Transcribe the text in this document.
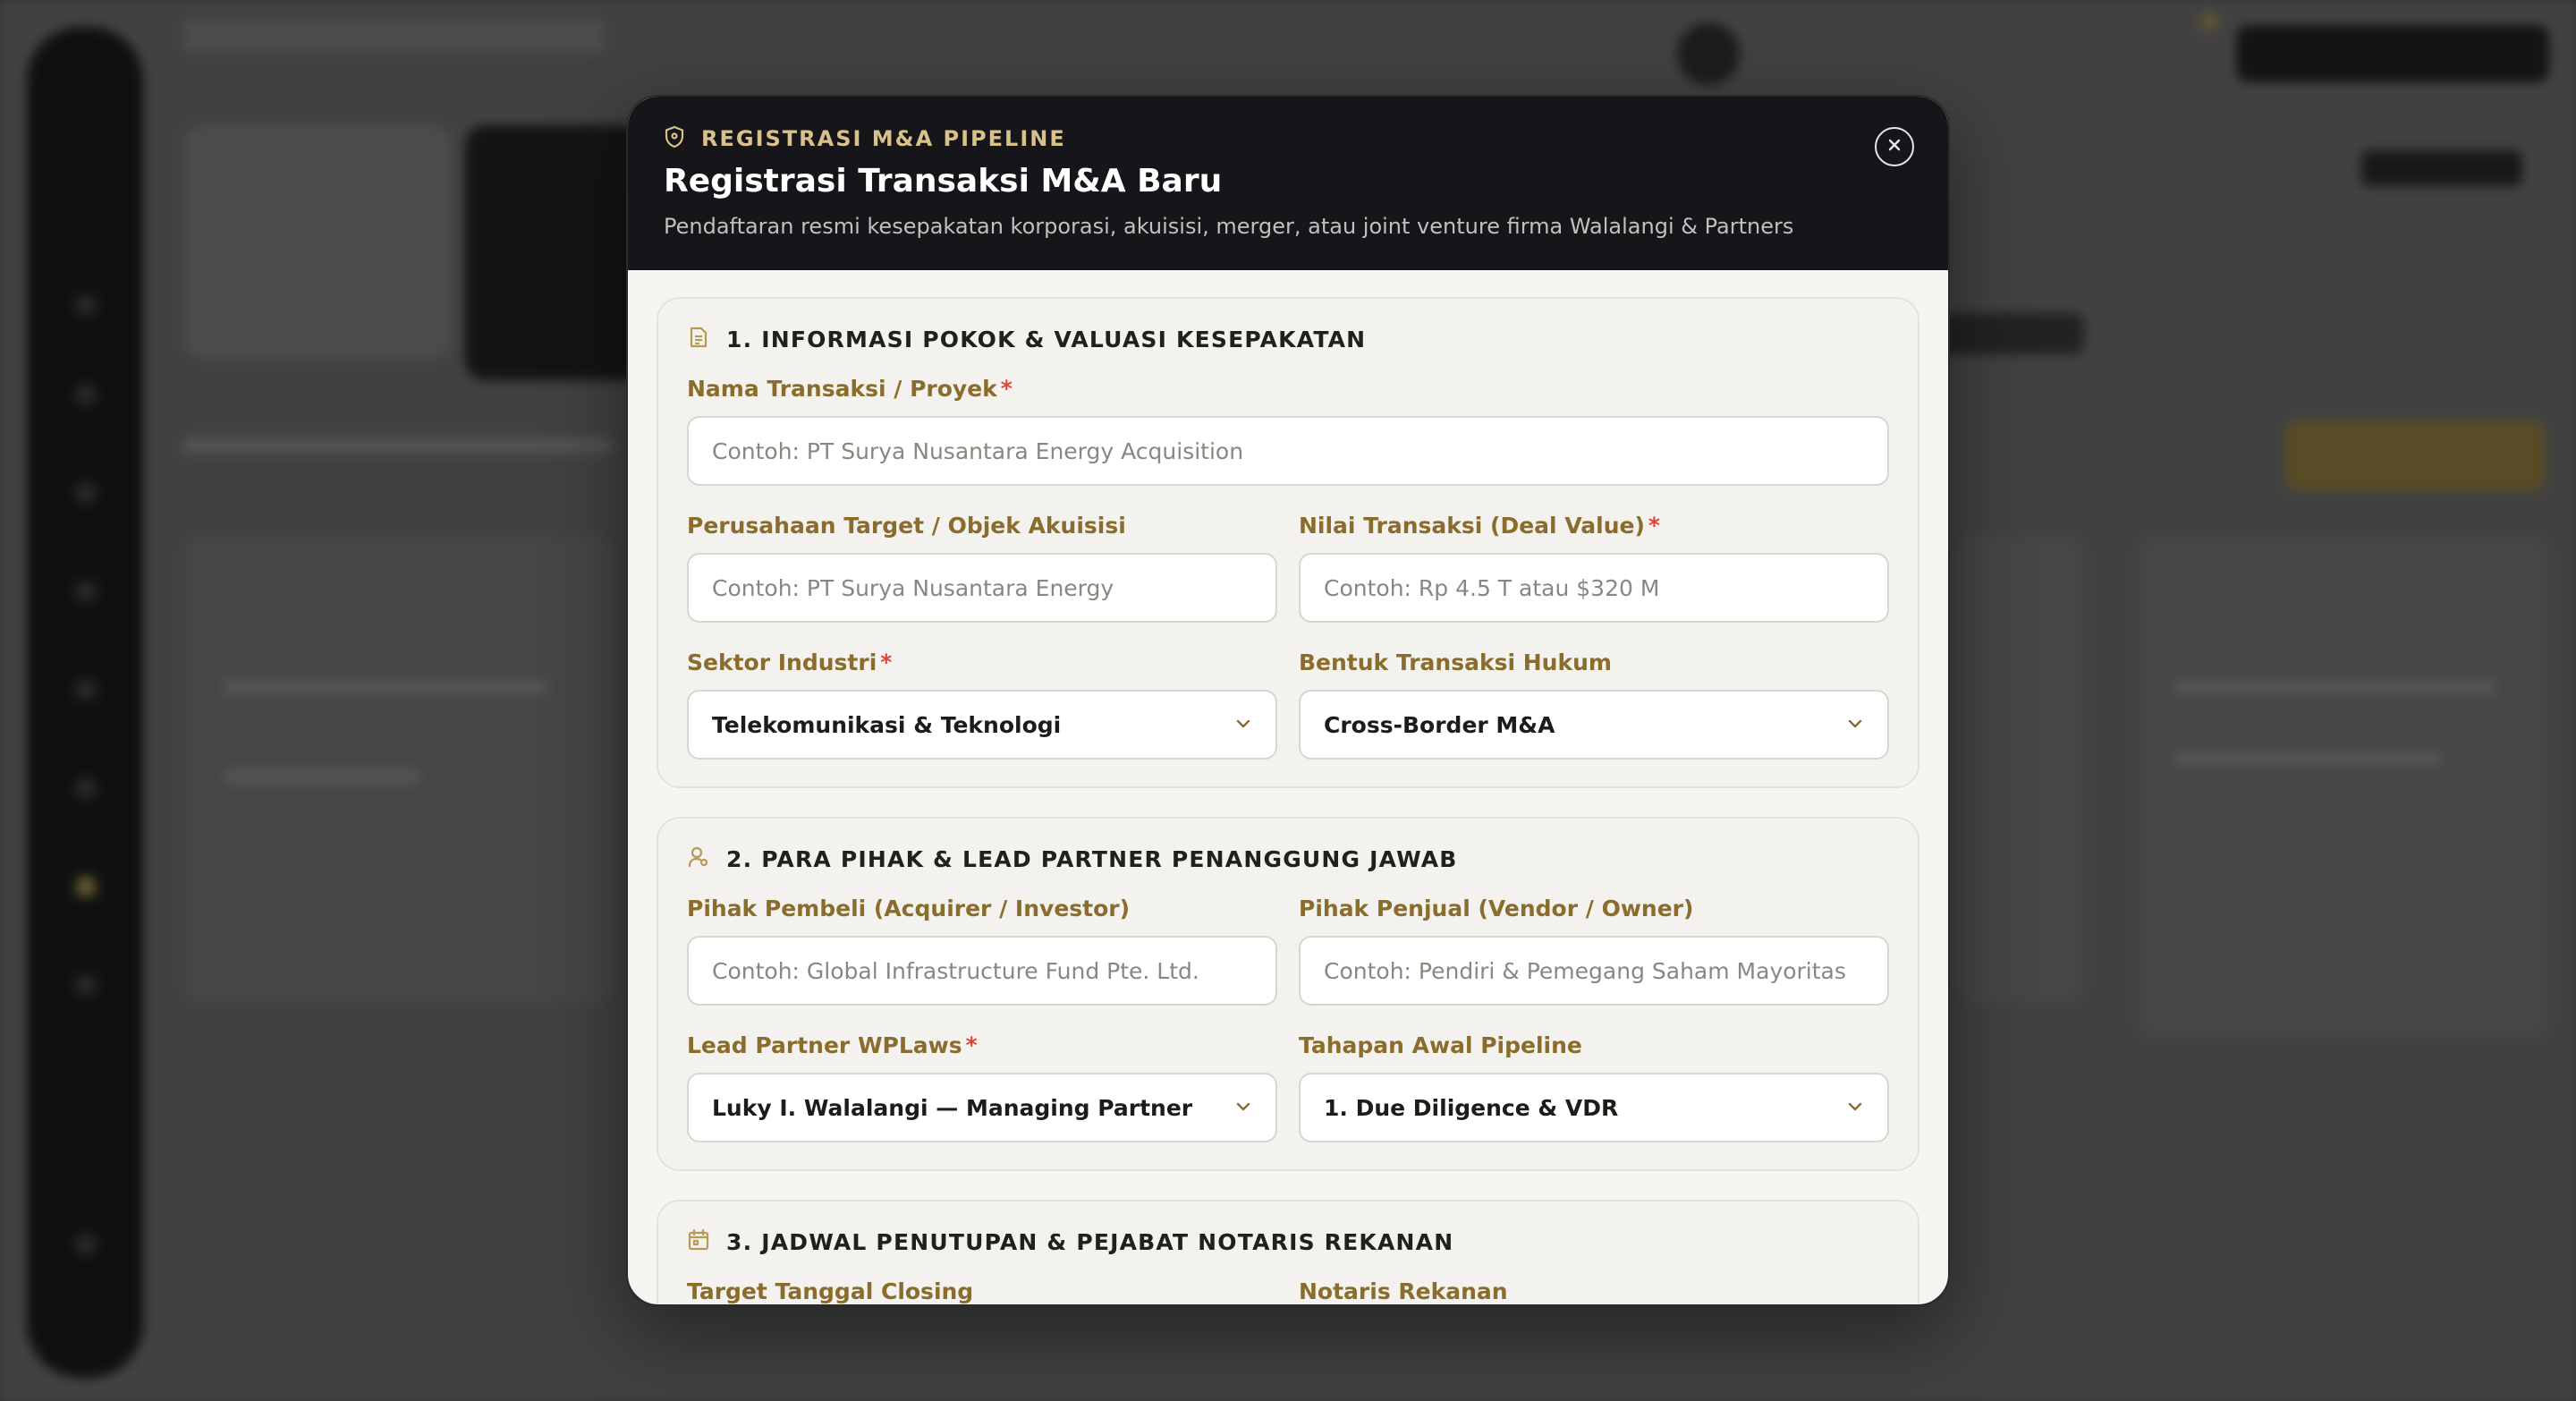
REGISTRASI M&A PIPELINE
Registrasi Transaksi M&A Baru
Pendaftaran resmi kesepakatan korporasi, akuisisi, merger, atau joint venture firma Walalangi & Partners
1. INFORMASI POKOK & VALUASI KESEPAKATAN
Nama Transaksi / Proyek *
Contoh: PT Surya Nusantara Energy Acquisition
Perusahaan Target / Objek Akuisisi
Contoh: PT Surya Nusantara Energy	Nilai Transaksi (Deal Value) *
Contoh: Rp 4.5 T atau $320 M
Sektor Industri *
Telekomunikasi & Teknologi
Bentuk Transaksi Hukum
Cross-Border M&A
2. PARA PIHAK & LEAD PARTNER PENANGGUNG JAWAB
Pihak Pembeli (Acquirer / Investor)
Contoh: Global Infrastructure Fund Pte. Ltd.	Pihak Penjual (Vendor / Owner)
Contoh: Pendiri & Pemegang Saham Mayoritas
Lead Partner WPLaws *
Luky I. Walalangi — Managing Partner
Tahapan Awal Pipeline
1. Due Diligence & VDR
3. JADWAL PENUTUPAN & PEJABAT NOTARIS REKANAN
Target Tanggal Closing	Notaris Rekanan
